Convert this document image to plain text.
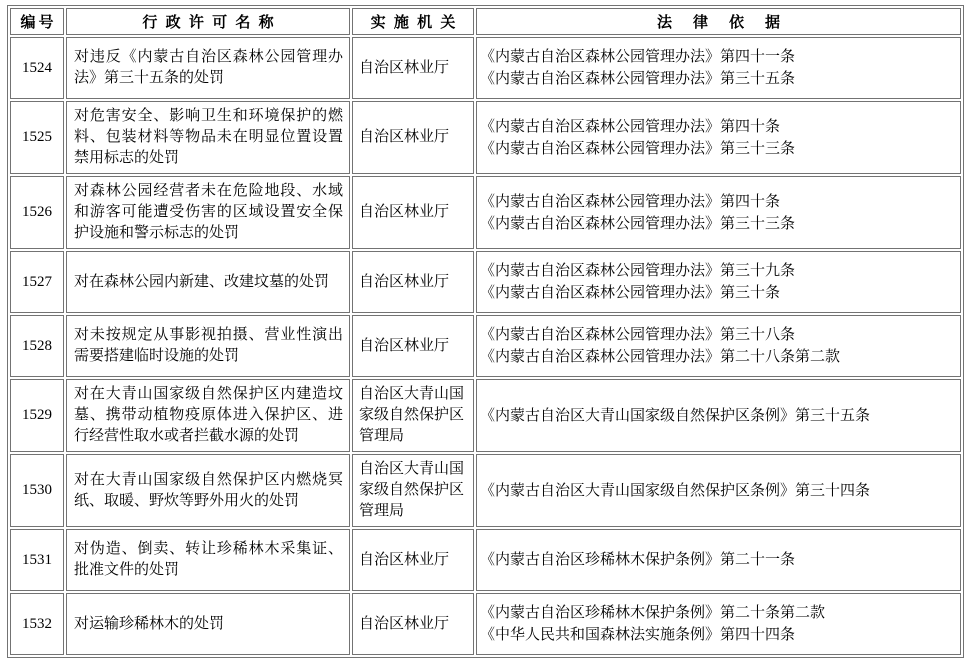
编号	行政许可名称	实施机关	法律依据
1524	对违反《内蒙古自治区森林公园管理办法》第三十五条的处罚	自治区林业厅	《内蒙古自治区森林公园管理办法》第四十一条
《内蒙古自治区森林公园管理办法》第三十五条

1525	对危害安全、影响卫生和环境保护的燃料、包装材料等物品未在明显位置设置禁用标志的处罚	自治区林业厅	《内蒙古自治区森林公园管理办法》第四十条
《内蒙古自治区森林公园管理办法》第三十三条

1526	对森林公园经营者未在危险地段、水域和游客可能遭受伤害的区域设置安全保护设施和警示标志的处罚	自治区林业厅	《内蒙古自治区森林公园管理办法》第四十条
《内蒙古自治区森林公园管理办法》第三十三条

1527	对在森林公园内新建、改建坟墓的处罚	自治区林业厅	《内蒙古自治区森林公园管理办法》第三十九条
《内蒙古自治区森林公园管理办法》第三十条

1528	对未按规定从事影视拍摄、营业性演出需要搭建临时设施的处罚	自治区林业厅	《内蒙古自治区森林公园管理办法》第三十八条
《内蒙古自治区森林公园管理办法》第二十八条第二款

1529	对在大青山国家级自然保护区内建造坟墓、携带动植物疫原体进入保护区、进行经营性取水或者拦截水源的处罚	自治区大青山国家级自然保护区管理局	《内蒙古自治区大青山国家级自然保护区条例》第三十五条

1530	对在大青山国家级自然保护区内燃烧冥纸、取暖、野炊等野外用火的处罚	自治区大青山国家级自然保护区管理局	《内蒙古自治区大青山国家级自然保护区条例》第三十四条

1531	对伪造、倒卖、转让珍稀林木采集证、批准文件的处罚	自治区林业厅	《内蒙古自治区珍稀林木保护条例》第二十一条

1532	对运输珍稀林木的处罚	自治区林业厅	《内蒙古自治区珍稀林木保护条例》第二十条第二款
《中华人民共和国森林法实施条例》第四十四条
